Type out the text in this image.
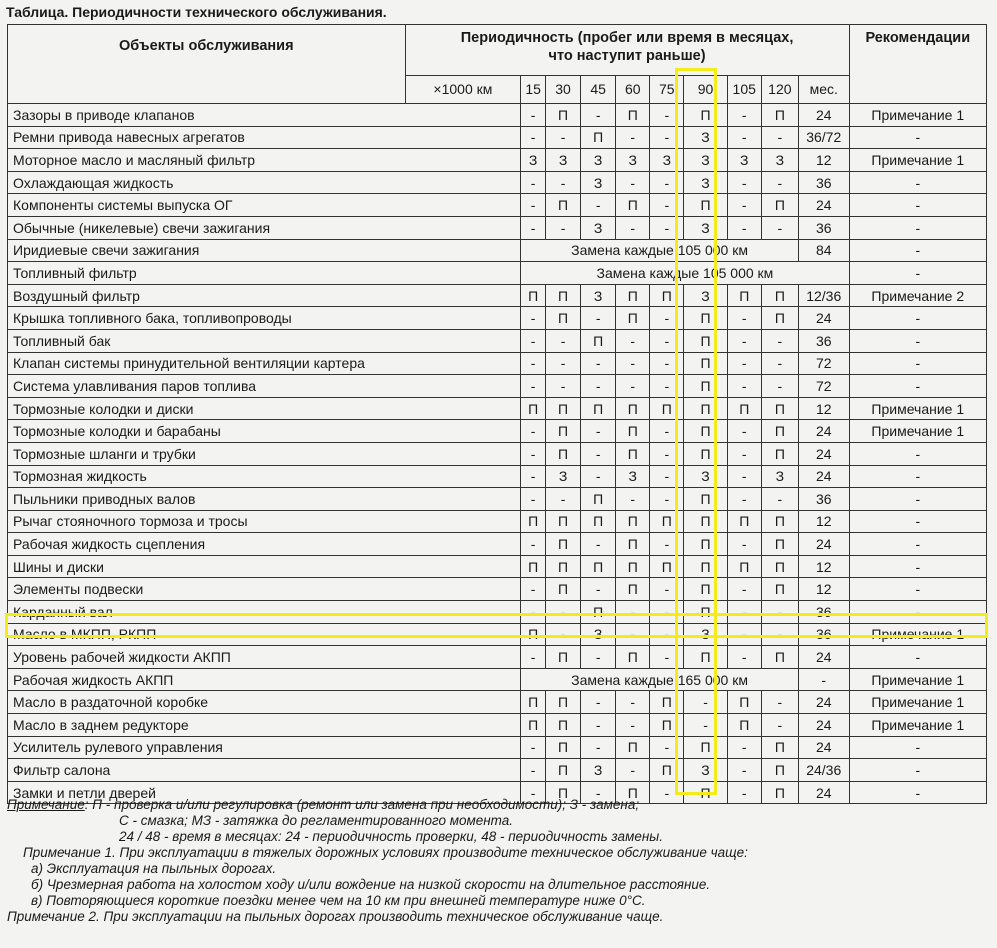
Таблица. Периодичности технического обслуживания.
Объекты обслуживания	Периодичность (пробег или время в месяцах,
что наступит раньше)										Рекомендации
	×1000 км	15	30	45	60	75	90	105	120	мес.	
Зазоры в приводе клапанов		-	П	-	П	-	П	-	П	24	Примечание 1
Ремни привода навесных агрегатов		-	-	П	-	-	З	-	-	36/72	-
Моторное масло и масляный фильтр		З	З	З	З	З	З	З	З	12	Примечание 1
Охлаждающая жидкость		-	-	З	-	-	З	-	-	36	-
Компоненты системы выпуска ОГ		-	П	-	П	-	П	-	П	24	-
Обычные (никелевые) свечи зажигания		-	-	З	-	-	З	-	-	36	-
Иридиевые свечи зажигания		Замена каждые 105 000 км								84	-
Топливный фильтр		Замена каждые 105 000 км									-
Воздушный фильтр		П	П	З	П	П	З	П	П	12/36	Примечание 2
Крышка топливного бака, топливопроводы		-	П	-	П	-	П	-	П	24	-
Топливный бак		-	-	П	-	-	П	-	-	36	-
Клапан системы принудительной вентиляции картера		-	-	-	-	-	П	-	-	72	-
Система улавливания паров топлива		-	-	-	-	-	П	-	-	72	-
Тормозные колодки и диски		П	П	П	П	П	П	П	П	12	Примечание 1
Тормозные колодки и барабаны		-	П	-	П	-	П	-	П	24	Примечание 1
Тормозные шланги и трубки		-	П	-	П	-	П	-	П	24	-
Тормозная жидкость		-	З	-	З	-	З	-	З	24	-
Пыльники приводных валов		-	-	П	-	-	П	-	-	36	-
Рычаг стояночного тормоза и тросы		П	П	П	П	П	П	П	П	12	-
Рабочая жидкость сцепления		-	П	-	П	-	П	-	П	24	-
Шины и диски		П	П	П	П	П	П	П	П	12	-
Элементы подвески		-	П	-	П	-	П	-	П	12	-
Карданный вал		-	-	П	-	-	П	-	-	36	-
Масло в МКПП, РКПП		П	-	З	-	-	З	-	-	36	Примечание 1
Уровень рабочей жидкости АКПП		-	П	-	П	-	П	-	П	24	-
Рабочая жидкость АКПП		Замена каждые 165 000 км								-	Примечание 1
Масло в раздаточной коробке		П	П	-	-	П	-	П	-	24	Примечание 1
Масло в заднем редукторе		П	П	-	-	П	-	П	-	24	Примечание 1
Усилитель рулевого управления		-	П	-	П	-	П	-	П	24	-
Фильтр салона		-	П	З	-	П	З	-	П	24/36	-
Замки и петли дверей		-	П	-	П	-	П	-	П	24	-
Примечание: П - проверка и/или регулировка (ремонт или замена при необходимости); З - замена;
С - смазка; МЗ - затяжка до регламентированного момента.
24 / 48 - время в месяцах: 24 - периодичность проверки, 48 - периодичность замены.
Примечание 1. При эксплуатации в тяжелых дорожных условиях производите техническое обслуживание чаще:
а) Эксплуатация на пыльных дорогах.
б) Чрезмерная работа на холостом ходу и/или вождение на низкой скорости на длительное расстояние.
в) Повторяющиеся короткие поездки менее чем на 10 км при внешней температуре ниже 0°С.
Примечание 2. При эксплуатации на пыльных дорогах производить техническое обслуживание чаще.
